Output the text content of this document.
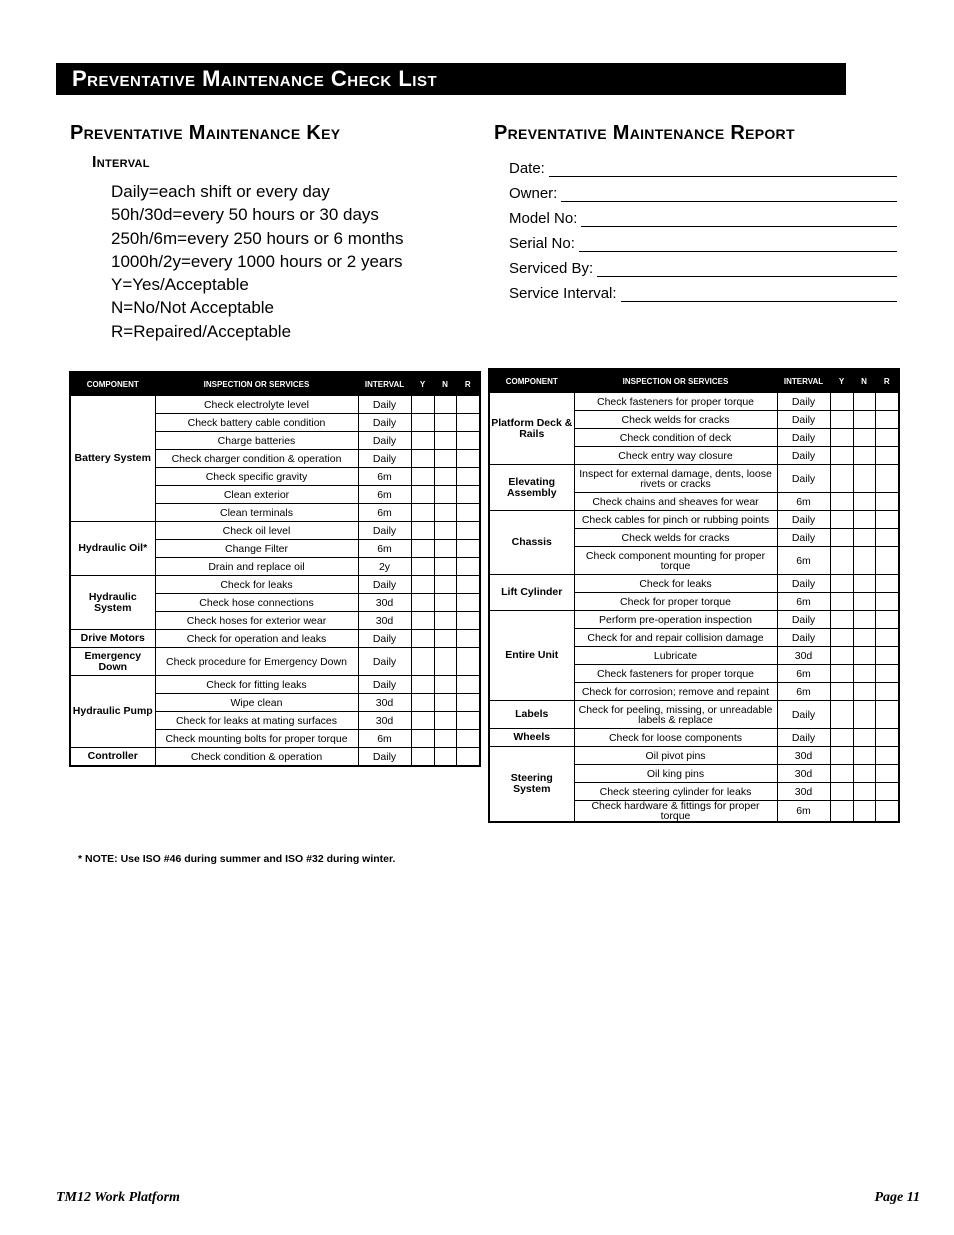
Preventative Maintenance Check List
Preventative Maintenance Key
Interval
Daily=each shift or every day
50h/30d=every 50 hours or 30 days
250h/6m=every 250 hours or 6 months
1000h/2y=every 1000 hours or 2 years
Y=Yes/Acceptable
N=No/Not Acceptable
R=Repaired/Acceptable
Preventative Maintenance Report
Date:
Owner:
Model No:
Serial No:
Serviced By:
Service Interval:
COMPONENT	INSPECTION OR SERVICES	INTERVAL	Y	N	R
Battery System	Check electrolyte level	Daily			
	Check battery cable condition	Daily			
	Charge batteries	Daily			
	Check charger condition & operation	Daily			
	Check specific gravity	6m			
	Clean exterior	6m			
	Clean terminals	6m			
Hydraulic Oil*	Check oil level	Daily			
	Change Filter	6m			
	Drain and replace oil	2y			
Hydraulic System	Check for leaks	Daily			
	Check hose connections	30d			
	Check hoses for exterior wear	30d			
Drive Motors	Check for operation and leaks	Daily			
Emergency Down	Check procedure for Emergency Down	Daily			
Hydraulic Pump	Check for fitting leaks	Daily			
	Wipe clean	30d			
	Check for leaks at mating surfaces	30d			
	Check mounting bolts for proper torque	6m			
Controller	Check condition & operation	Daily			
COMPONENT	INSPECTION OR SERVICES	INTERVAL	Y	N	R
Platform Deck & Rails	Check fasteners for proper torque	Daily			
	Check welds for cracks	Daily			
	Check condition of deck	Daily			
	Check entry way closure	Daily			
Elevating Assembly	Inspect for external damage, dents, loose rivets or cracks	Daily			
	Check chains and sheaves for wear	6m			
Chassis	Check cables for pinch or rubbing points	Daily			
	Check welds for cracks	Daily			
	Check component mounting for proper torque	6m			
Lift Cylinder	Check for leaks	Daily			
	Check for proper torque	6m			
Entire Unit	Perform pre-operation inspection	Daily			
	Check for and repair collision damage	Daily			
	Lubricate	30d			
	Check fasteners for proper torque	6m			
	Check for corrosion; remove and repaint	6m			
Labels	Check for peeling, missing, or unreadable labels & replace	Daily			
Wheels	Check for loose components	Daily			
Steering System	Oil pivot pins	30d			
	Oil king pins	30d			
	Check steering cylinder for leaks	30d			
	Check hardware & fittings for proper torque	6m			
* NOTE: Use ISO #46 during summer and ISO #32 during winter.
TM12 Work Platform	Page 11
